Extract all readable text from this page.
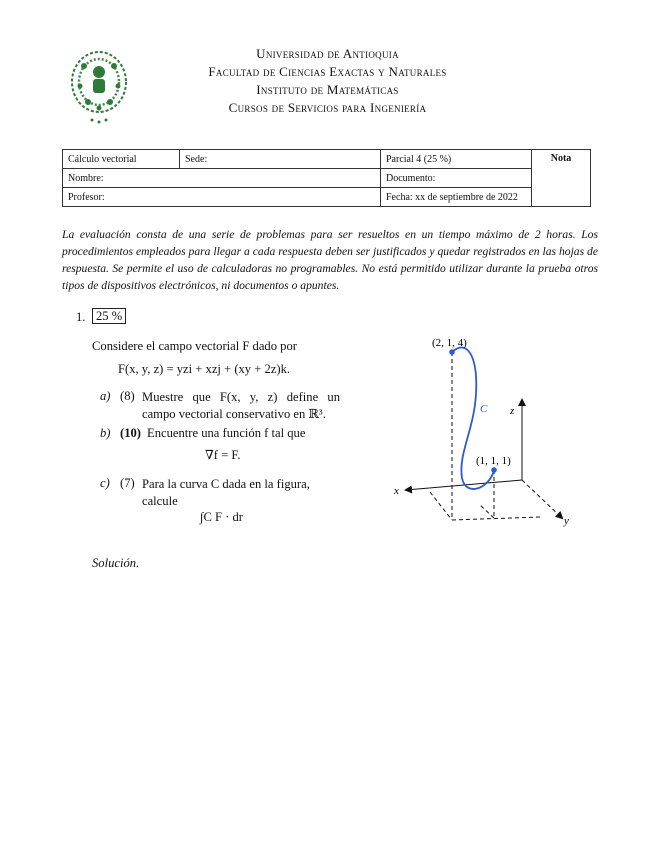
Universidad de Antioquia
Facultad de Ciencias Exactas y Naturales
Instituto de Matemáticas
Cursos de Servicios para Ingeniería
Cálculo vectorial	Sede:	Parcial 4 (25 %)	Nota
Nombre:		Documento:	
Profesor:		Fecha: xx de septiembre de 2022	
La evaluación consta de una serie de problemas para ser resueltos en un tiempo máximo de 2 horas. Los procedimientos empleados para llegar a cada respuesta deben ser justificados y quedar registrados en las hojas de respuesta. Se permite el uso de calculadoras no programables. No está permitido utilizar durante la prueba otros tipos de dispositivos electrónicos, ni documentos o apuntes.
1. 25 %
Considere el campo vectorial F dado por
F(x, y, z) = yzi + xzj + (xy + 2z)k.
a) (8) Muestre que F(x, y, z) define un campo vectorial conservativo en ℝ³.
b) (10) Encuentre una función f tal que
∇f = F.
c) (7) Para la curva C dada en la figura, calcule
∫C F · dr
Solución.
(2, 1, 4)
(1, 1, 1)
C z
x
y
